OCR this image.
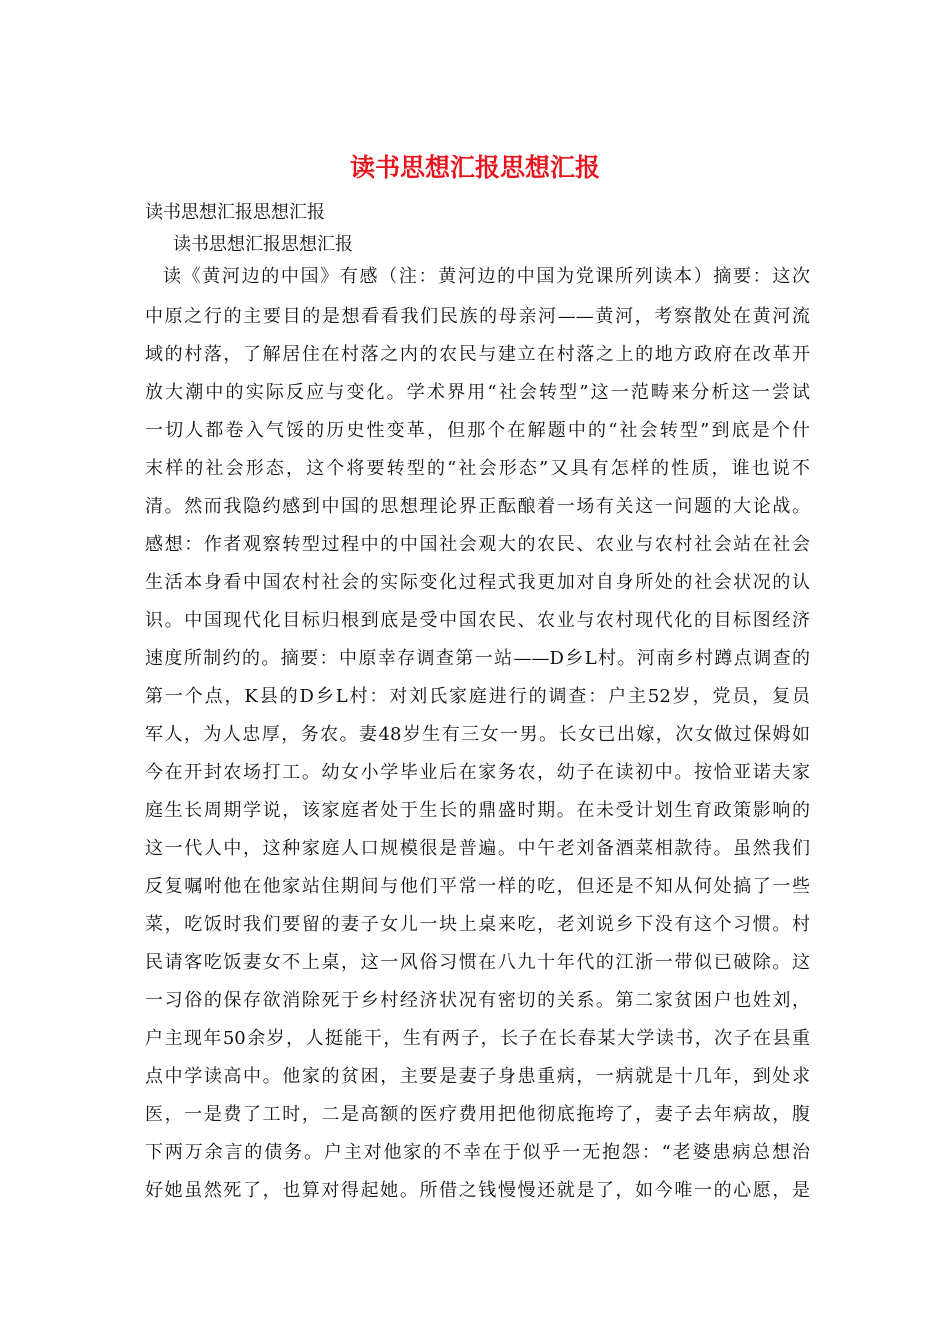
读书思想汇报思想汇报

读书思想汇报思想汇报

读书思想汇报思想汇报

读《黄河边的中国》有感（注：黄河边的中国为党课所列读本）摘要：这次

中原之行的主要目的是想看看我们民族的母亲河——黄河，考察散处在黄河流

域的村落，了解居住在村落之内的农民与建立在村落之上的地方政府在改革开

放大潮中的实际反应与变化。学术界用“社会转型”这一范畴来分析这一尝试

一切人都卷入气馁的历史性变革，但那个在解题中的“社会转型”到底是个什

末样的社会形态，这个将要转型的“社会形态”又具有怎样的性质，谁也说不

清。然而我隐约感到中国的思想理论界正酝酿着一场有关这一问题的大论战。

感想：作者观察转型过程中的中国社会观大的农民、农业与农村社会站在社会

生活本身看中国农村社会的实际变化过程式我更加对自身所处的社会状况的认

识。中国现代化目标归根到底是受中国农民、农业与农村现代化的目标图经济

速度所制约的。摘要：中原幸存调查第一站——D乡L村。河南乡村蹲点调查的

第一个点，K县的D乡L村：对刘氏家庭进行的调查：户主52岁，党员，复员

军人，为人忠厚，务农。妻48岁生有三女一男。长女已出嫁，次女做过保姆如

今在开封农场打工。幼女小学毕业后在家务农，幼子在读初中。按恰亚诺夫家

庭生长周期学说，该家庭者处于生长的鼎盛时期。在未受计划生育政策影响的

这一代人中，这种家庭人口规模很是普遍。中午老刘备酒菜相款待。虽然我们

反复嘱咐他在他家站住期间与他们平常一样的吃，但还是不知从何处搞了一些

菜，吃饭时我们要留的妻子女儿一块上桌来吃，老刘说乡下没有这个习惯。村

民请客吃饭妻女不上桌，这一风俗习惯在八九十年代的江浙一带似已破除。这

一习俗的保存欲消除死于乡村经济状况有密切的关系。第二家贫困户也姓刘，

户主现年50余岁，人挺能干，生有两子，长子在长春某大学读书，次子在县重

点中学读高中。他家的贫困，主要是妻子身患重病，一病就是十几年，到处求

医，一是费了工时，二是高额的医疗费用把他彻底拖垮了，妻子去年病故，腹

下两万余言的债务。户主对他家的不幸在于似乎一无抱怨：“老婆患病总想治

好她虽然死了，也算对得起她。所借之钱慢慢还就是了，如今唯一的心愿，是
